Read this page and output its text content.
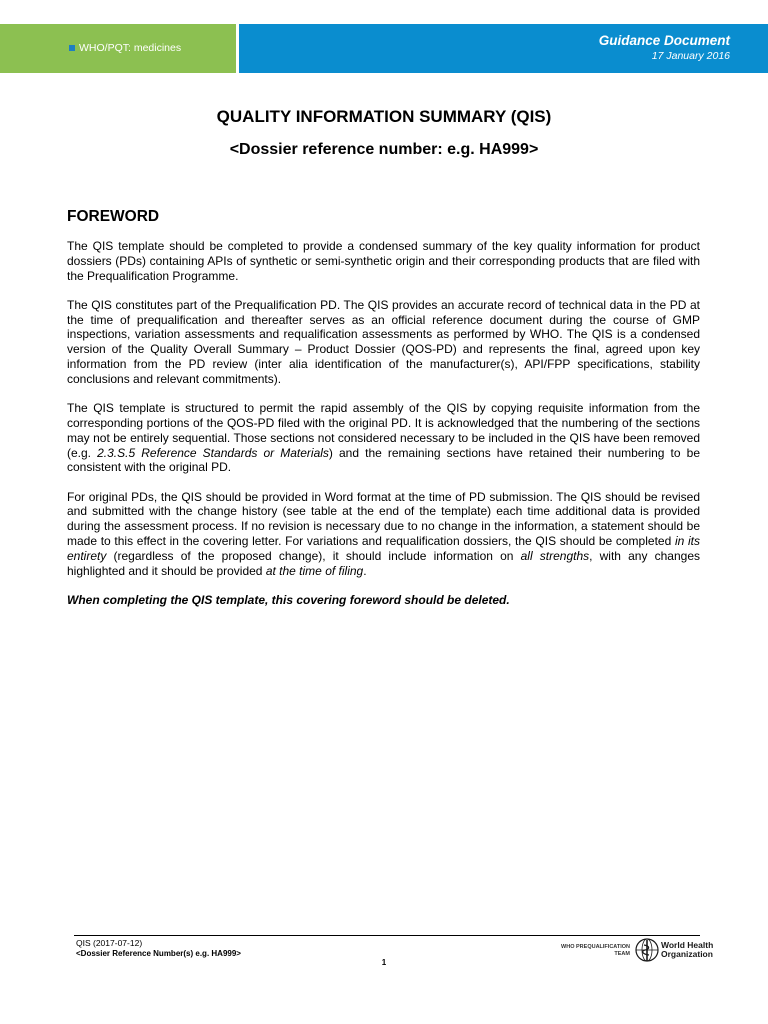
WHO/PQT: medicines	Guidance Document
17 January 2016
QUALITY INFORMATION SUMMARY (QIS)
<Dossier reference number: e.g. HA999>
FOREWORD

The QIS template should be completed to provide a condensed summary of the key quality information for product dossiers (PDs) containing APIs of synthetic or semi-synthetic origin and their corresponding products that are filed with the Prequalification Programme.

The QIS constitutes part of the Prequalification PD. The QIS provides an accurate record of technical data in the PD at the time of prequalification and thereafter serves as an official reference document during the course of GMP inspections, variation assessments and requalification assessments as performed by WHO. The QIS is a condensed version of the Quality Overall Summary – Product Dossier (QOS-PD) and represents the final, agreed upon key information from the PD review (inter alia identification of the manufacturer(s), API/FPP specifications, stability conclusions and relevant commitments).

The QIS template is structured to permit the rapid assembly of the QIS by copying requisite information from the corresponding portions of the QOS-PD filed with the original PD. It is acknowledged that the numbering of the sections may not be entirely sequential. Those sections not considered necessary to be included in the QIS have been removed (e.g. 2.3.S.5 Reference Standards or Materials) and the remaining sections have retained their numbering to be consistent with the original PD.

For original PDs, the QIS should be provided in Word format at the time of PD submission. The QIS should be revised and submitted with the change history (see table at the end of the template) each time additional data is provided during the assessment process. If no revision is necessary due to no change in the information, a statement should be made to this effect in the covering letter. For variations and requalification dossiers, the QIS should be completed in its entirety (regardless of the proposed change), it should include information on all strengths, with any changes highlighted and it should be provided at the time of filing.

When completing the QIS template, this covering foreword should be deleted.

QIS (2017-07-12)
<Dossier Reference Number(s) e.g. HA999>
1
WHO PREQUALIFICATION
TEAM
World Health
Organization
